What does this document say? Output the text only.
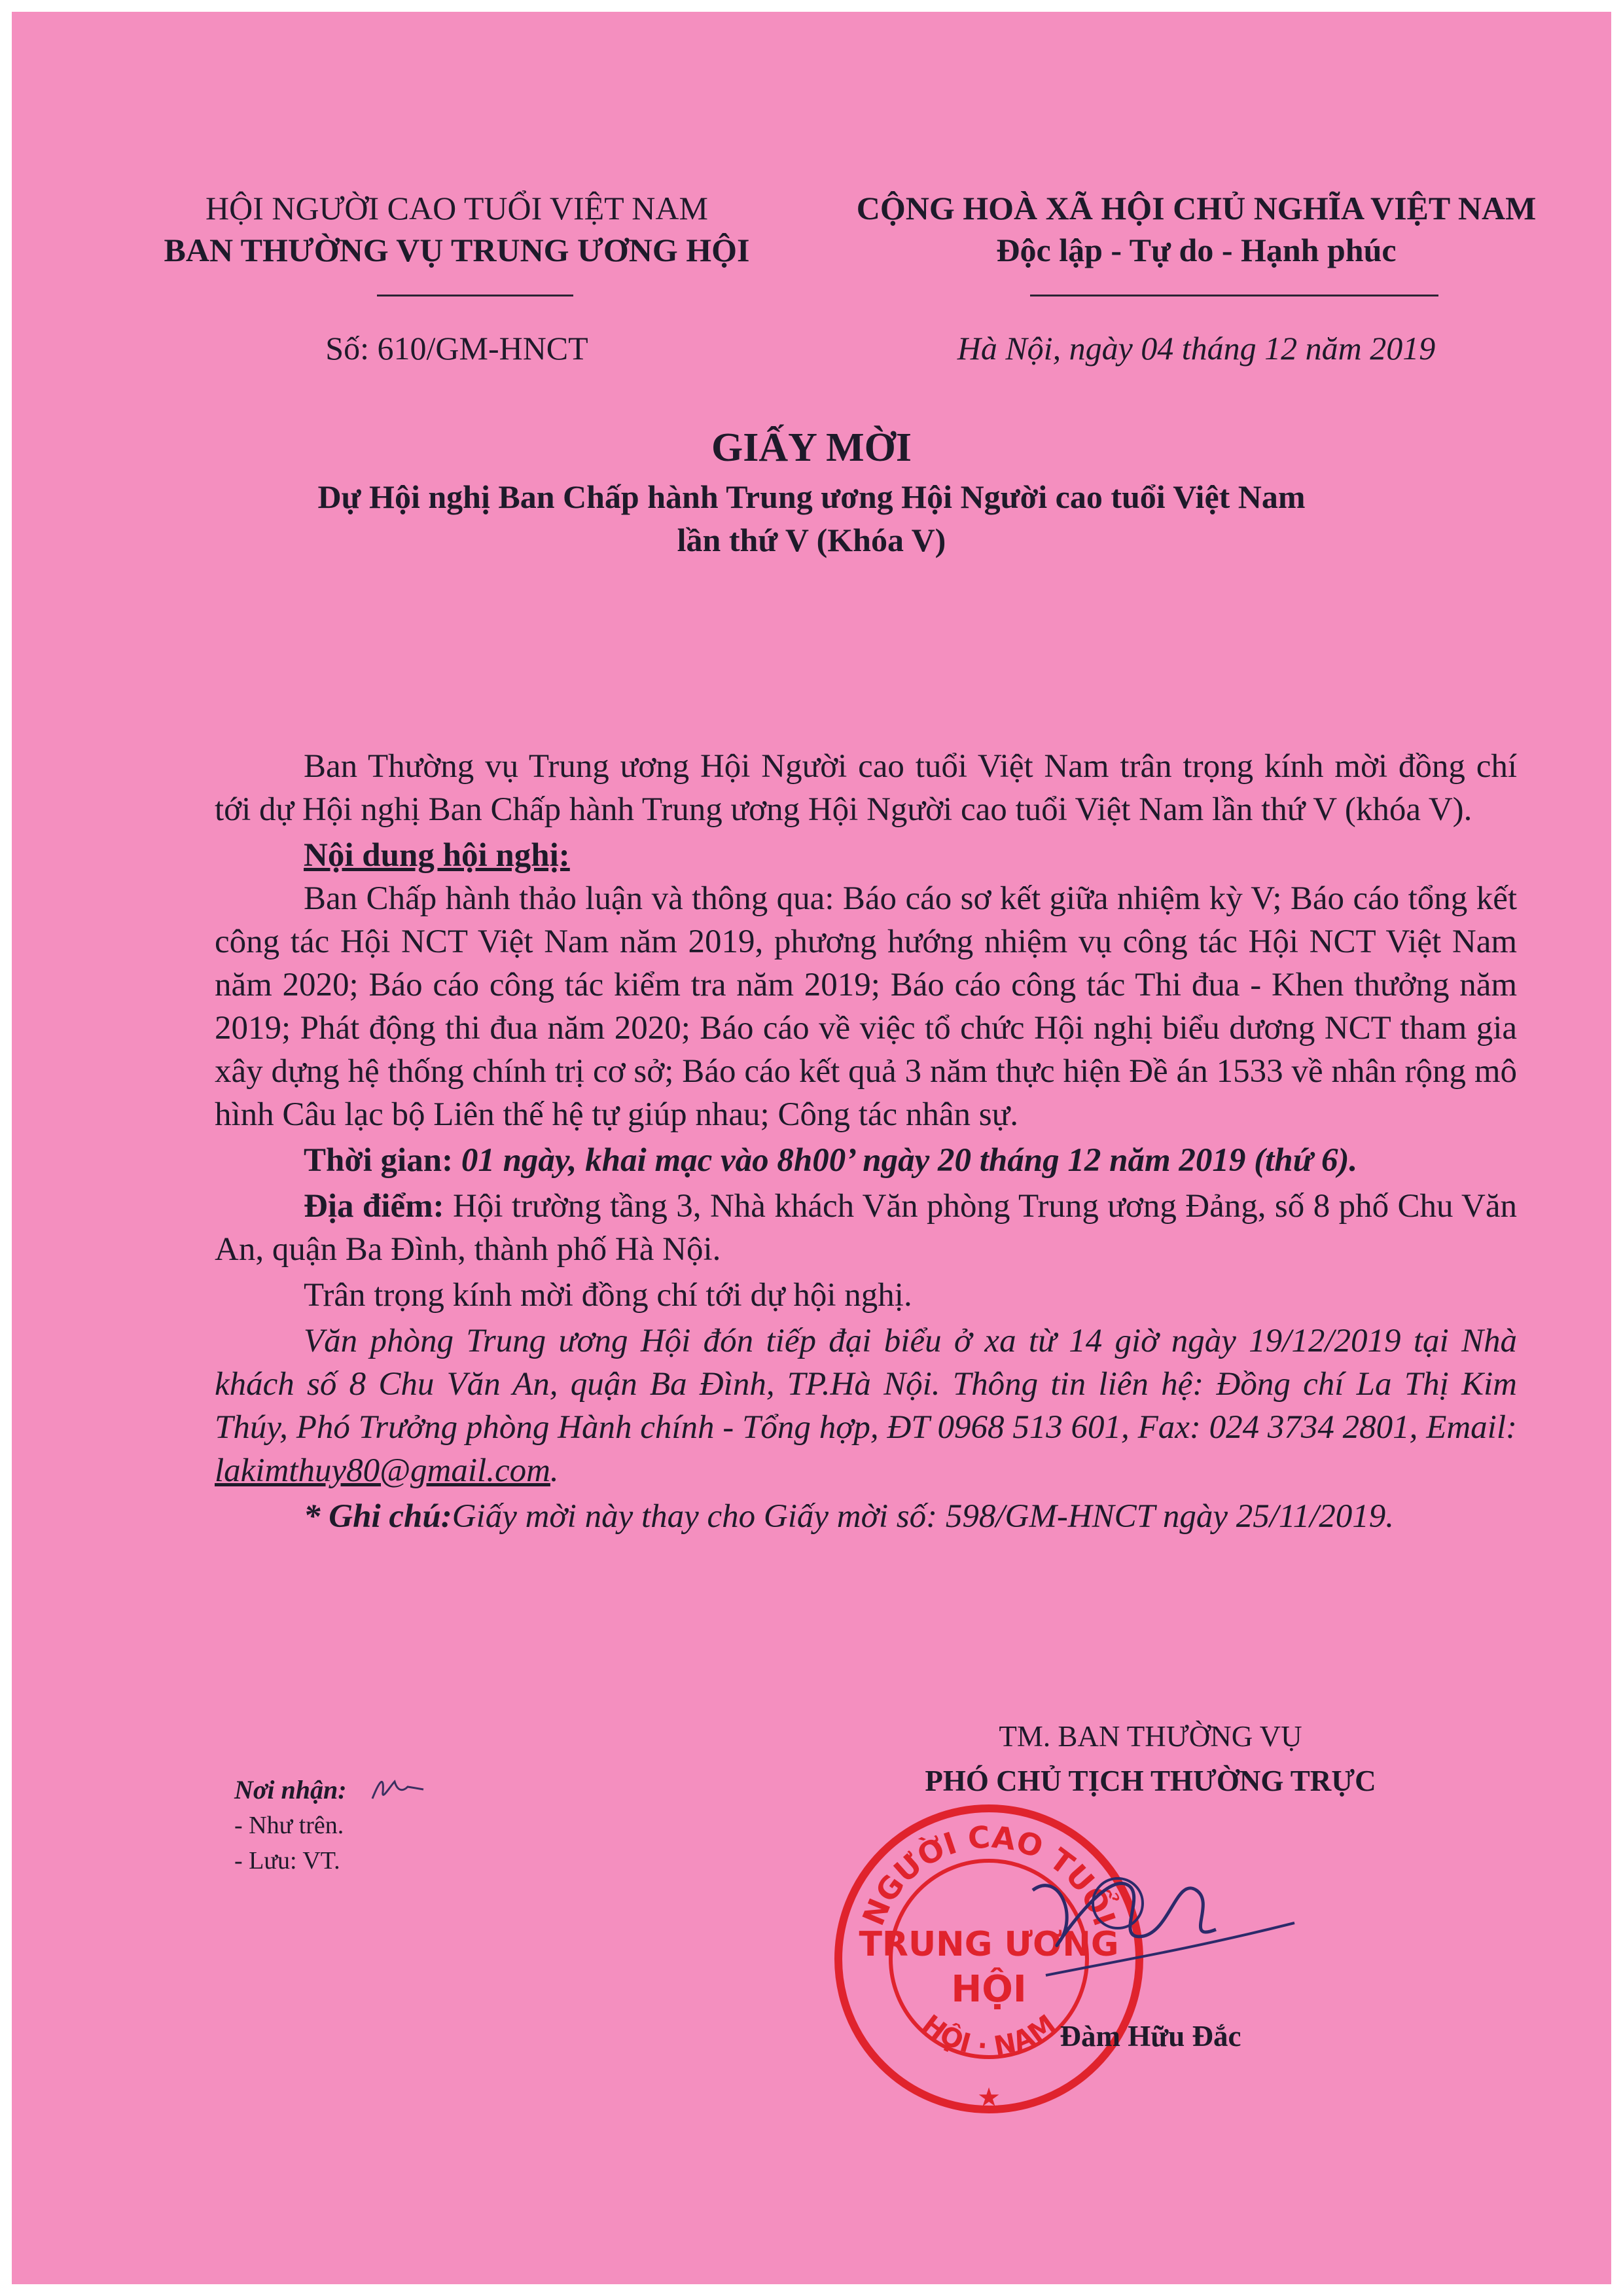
HỘI NGƯỜI CAO TUỔI VIỆT NAM
BAN THƯỜNG VỤ TRUNG ƯƠNG HỘI
Số: 610/GM-HNCT
CỘNG HOÀ XÃ HỘI CHỦ NGHĨA VIỆT NAM
Độc lập - Tự do - Hạnh phúc
Hà Nội, ngày 04 tháng 12 năm 2019
GIẤY MỜI
Dự Hội nghị Ban Chấp hành Trung ương Hội Người cao tuổi Việt Nam
lần thứ V (Khóa V)

Ban Thường vụ Trung ương Hội Người cao tuổi Việt Nam trân trọng kính mời đồng chí tới dự Hội nghị Ban Chấp hành Trung ương Hội Người cao tuổi Việt Nam lần thứ V (khóa V).

Nội dung hội nghị:

Ban Chấp hành thảo luận và thông qua: Báo cáo sơ kết giữa nhiệm kỳ V; Báo cáo tổng kết công tác Hội NCT Việt Nam năm 2019, phương hướng nhiệm vụ công tác Hội NCT Việt Nam năm 2020; Báo cáo công tác kiểm tra năm 2019; Báo cáo công tác Thi đua - Khen thưởng năm 2019; Phát động thi đua năm 2020; Báo cáo về việc tổ chức Hội nghị biểu dương NCT tham gia xây dựng hệ thống chính trị cơ sở; Báo cáo kết quả 3 năm thực hiện Đề án 1533 về nhân rộng mô hình Câu lạc bộ Liên thế hệ tự giúp nhau; Công tác nhân sự.

Thời gian: 01 ngày, khai mạc vào 8h00’ ngày 20 tháng 12 năm 2019 (thứ 6).

Địa điểm: Hội trường tầng 3, Nhà khách Văn phòng Trung ương Đảng, số 8 phố Chu Văn An, quận Ba Đình, thành phố Hà Nội.

Trân trọng kính mời đồng chí tới dự hội nghị.

Văn phòng Trung ương Hội đón tiếp đại biểu ở xa từ 14 giờ ngày 19/12/2019 tại Nhà khách số 8 Chu Văn An, quận Ba Đình, TP.Hà Nội. Thông tin liên hệ: Đồng chí La Thị Kim Thúy, Phó Trưởng phòng Hành chính - Tổng hợp, ĐT 0968 513 601, Fax: 024 3734 2801, Email: lakimthuy80@gmail.com.

* Ghi chú:Giấy mời này thay cho Giấy mời số: 598/GM-HNCT ngày 25/11/2019.

TM. BAN THƯỜNG VỤ
PHÓ CHỦ TỊCH THƯỜNG TRỰC
Nơi nhận:
- Như trên.
- Lưu: VT.
NGƯỜI CAO TUỔI
HỘI · NAM
TRUNG ƯƠNG
HỘI
★
Đàm Hữu Đắc
